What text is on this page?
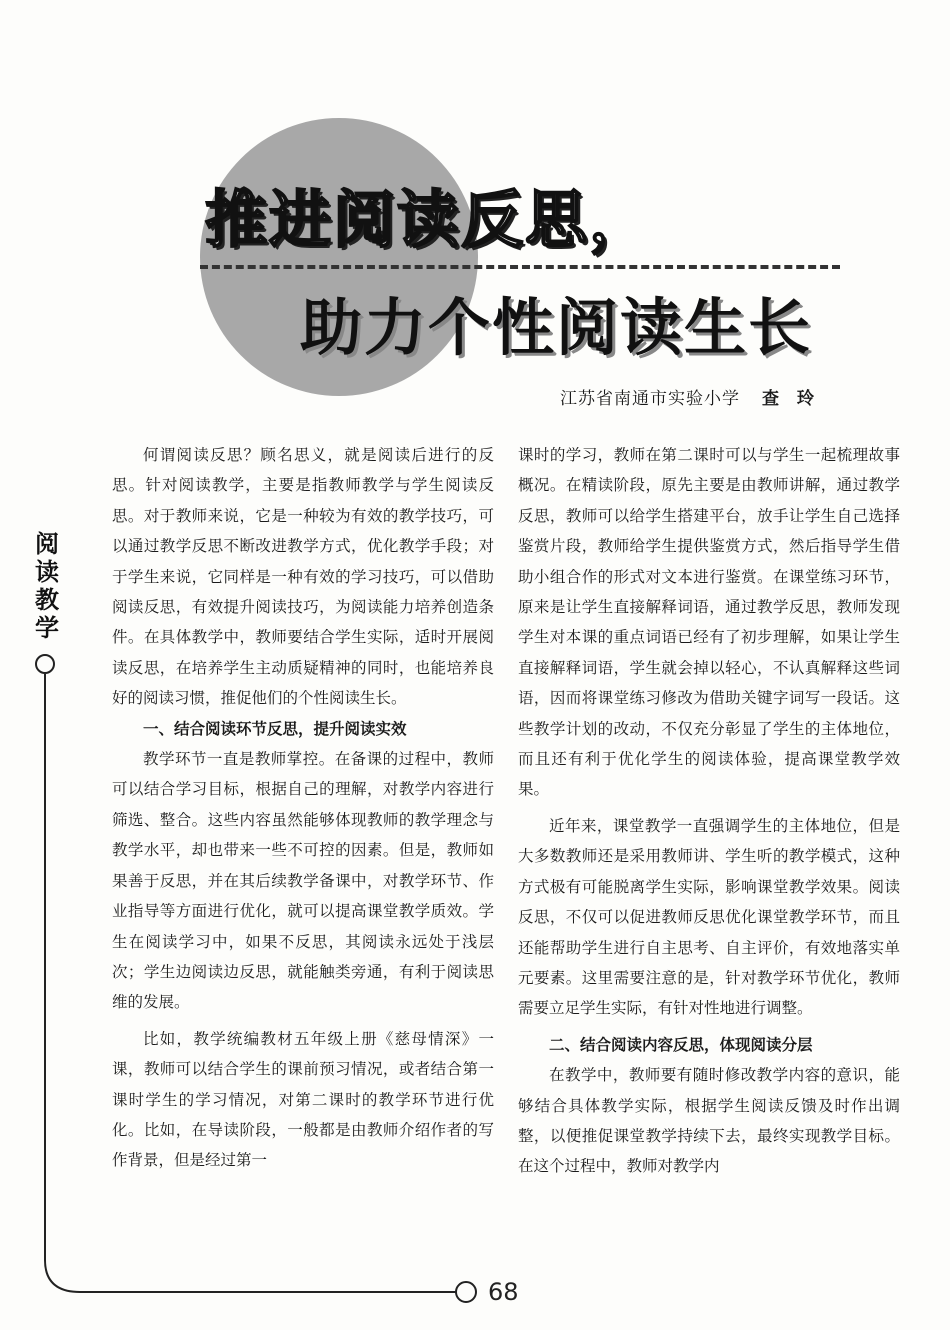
推进阅读反思，
助力个性阅读生长
江苏省南通市实验小学 查玲
阅读教学

何谓阅读反思？顾名思义，就是阅读后进行的反思。针对阅读教学，主要是指教师教学与学生阅读反思。对于教师来说，它是一种较为有效的教学技巧，可以通过教学反思不断改进教学方式，优化教学手段；对于学生来说，它同样是一种有效的学习技巧，可以借助阅读反思，有效提升阅读技巧，为阅读能力培养创造条件。在具体教学中，教师要结合学生实际，适时开展阅读反思，在培养学生主动质疑精神的同时，也能培养良好的阅读习惯，推促他们的个性阅读生长。

一、结合阅读环节反思，提升阅读实效

教学环节一直是教师掌控。在备课的过程中，教师可以结合学习目标，根据自己的理解，对教学内容进行筛选、整合。这些内容虽然能够体现教师的教学理念与教学水平，却也带来一些不可控的因素。但是，教师如果善于反思，并在其后续教学备课中，对教学环节、作业指导等方面进行优化，就可以提高课堂教学质效。学生在阅读学习中，如果不反思，其阅读永远处于浅层次；学生边阅读边反思，就能触类旁通，有利于阅读思维的发展。

比如，教学统编教材五年级上册《慈母情深》一课，教师可以结合学生的课前预习情况，或者结合第一课时学生的学习情况，对第二课时的教学环节进行优化。比如，在导读阶段，一般都是由教师介绍作者的写作背景，但是经过第一

课时的学习，教师在第二课时可以与学生一起梳理故事概况。在精读阶段，原先主要是由教师讲解，通过教学反思，教师可以给学生搭建平台，放手让学生自己选择鉴赏片段，教师给学生提供鉴赏方式，然后指导学生借助小组合作的形式对文本进行鉴赏。在课堂练习环节，原来是让学生直接解释词语，通过教学反思，教师发现学生对本课的重点词语已经有了初步理解，如果让学生直接解释词语，学生就会掉以轻心，不认真解释这些词语，因而将课堂练习修改为借助关键字词写一段话。这些教学计划的改动，不仅充分彰显了学生的主体地位，而且还有利于优化学生的阅读体验，提高课堂教学效果。

近年来，课堂教学一直强调学生的主体地位，但是大多数教师还是采用教师讲、学生听的教学模式，这种方式极有可能脱离学生实际，影响课堂教学效果。阅读反思，不仅可以促进教师反思优化课堂教学环节，而且还能帮助学生进行自主思考、自主评价，有效地落实单元要素。这里需要注意的是，针对教学环节优化，教师需要立足学生实际，有针对性地进行调整。

二、结合阅读内容反思，体现阅读分层

在教学中，教师要有随时修改教学内容的意识，能够结合具体教学实际，根据学生阅读反馈及时作出调整，以便推促课堂教学持续下去，最终实现教学目标。在这个过程中，教师对教学内

68
